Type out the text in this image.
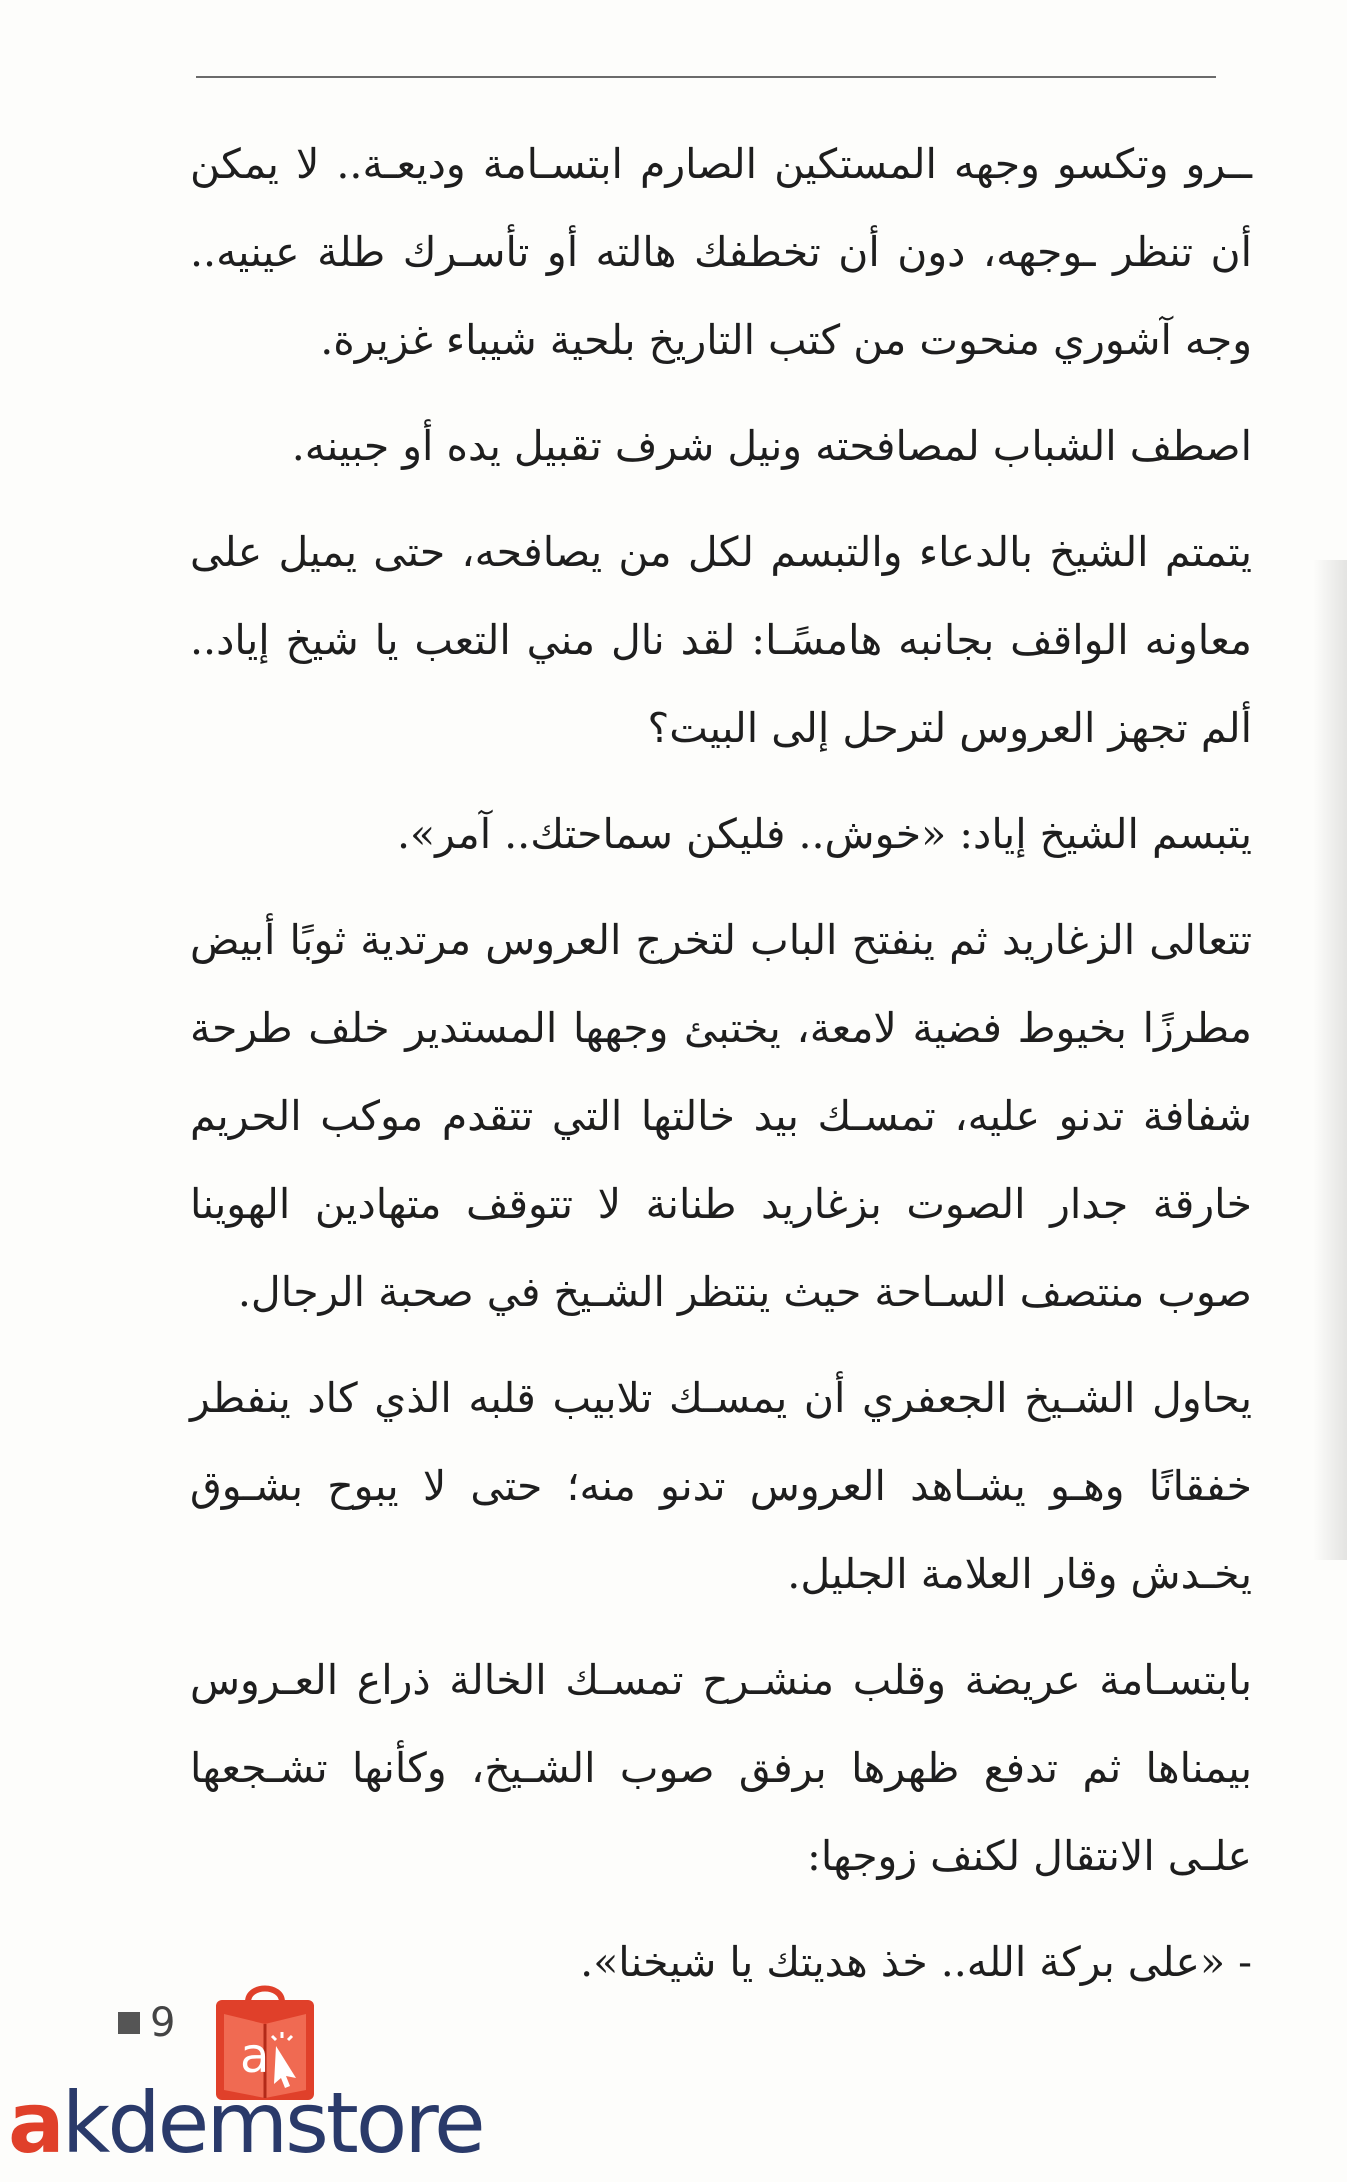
ــرو وتكسو وجهه المستكين الصارم ابتسـامة وديعـة.. لا يمكن أن تنظر ـوجهه، دون أن تخطفك هالته أو تأسـرك طلة عينيه.. وجه آشوري منحوت من كتب التاريخ بلحية شيباء غزيرة.

اصطف الشباب لمصافحته ونيل شرف تقبيل يده أو جبينه.

يتمتم الشيخ بالدعاء والتبسم لكل من يصافحه، حتى يميل على معاونه الواقف بجانبه هامسًـا: لقد نال مني التعب يا شيخ إياد.. ألم تجهز العروس لترحل إلى البيت؟

يتبسم الشيخ إياد: «خوش.. فليكن سماحتك.. آمر».

تتعالى الزغاريد ثم ينفتح الباب لتخرج العروس مرتدية ثوبًا أبيض مطرزًا بخيوط فضية لامعة، يختبئ وجهها المستدير خلف طرحة شفافة تدنو عليه، تمسـك بيد خالتها التي تتقدم موكب الحريم خارقة جدار الصوت بزغاريد طنانة لا تتوقف متهادين الهوينا صوب منتصف السـاحة حيث ينتظر الشـيخ في صحبة الرجال.

يحاول الشـيخ الجعفري أن يمسـك تلابيب قلبه الذي كاد ينفطر خفقانًا وهـو يشـاهد العروس تدنو منه؛ حتى لا يبوح بشـوق يخـدش وقار العلامة الجليل.

بابتسـامة عريضة وقلب منشـرح تمسـك الخالة ذراع العـروس بيمناها ثم تدفع ظهرها برفق صوب الشـيخ، وكأنها تشـجعها علـى الانتقال لكنف زوجها:

- «على بركة الله.. خذ هديتك يا شيخنا».

9
a
akdemstore
